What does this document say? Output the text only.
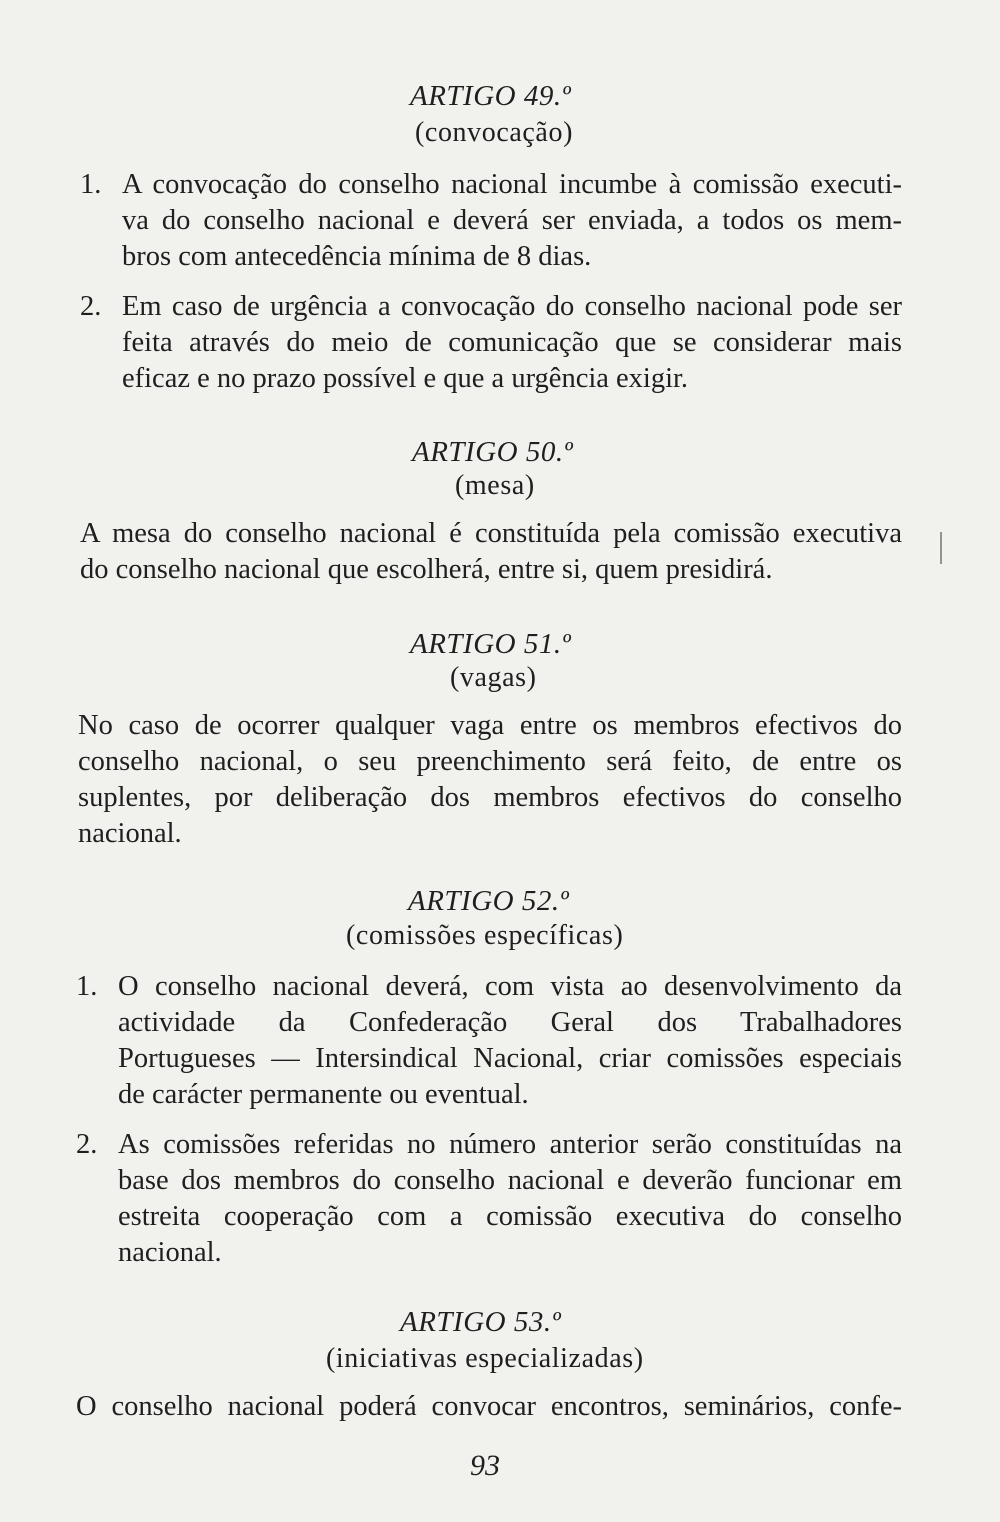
ARTIGO 49.º
(convocação)
1. A convocação do conselho nacional incumbe à comissão executi-
va do conselho nacional e deverá ser enviada, a todos os mem-
bros com antecedência mínima de 8 dias.
2. Em caso de urgência a convocação do conselho nacional pode ser
feita através do meio de comunicação que se considerar mais
eficaz e no prazo possível e que a urgência exigir.
ARTIGO 50.º
(mesa)
A mesa do conselho nacional é constituída pela comissão executiva
do conselho nacional que escolherá, entre si, quem presidirá.
ARTIGO 51.º
(vagas)
No caso de ocorrer qualquer vaga entre os membros efectivos do
conselho nacional, o seu preenchimento será feito, de entre os
suplentes, por deliberação dos membros efectivos do conselho
nacional.
ARTIGO 52.º
(comissões específicas)
1. O conselho nacional deverá, com vista ao desenvolvimento da
actividade da Confederação Geral dos Trabalhadores
Portugueses — Intersindical Nacional, criar comissões especiais
de carácter permanente ou eventual.
2. As comissões referidas no número anterior serão constituídas na
base dos membros do conselho nacional e deverão funcionar em
estreita cooperação com a comissão executiva do conselho
nacional.
ARTIGO 53.º
(iniciativas especializadas)
O conselho nacional poderá convocar encontros, seminários, confe-
93
